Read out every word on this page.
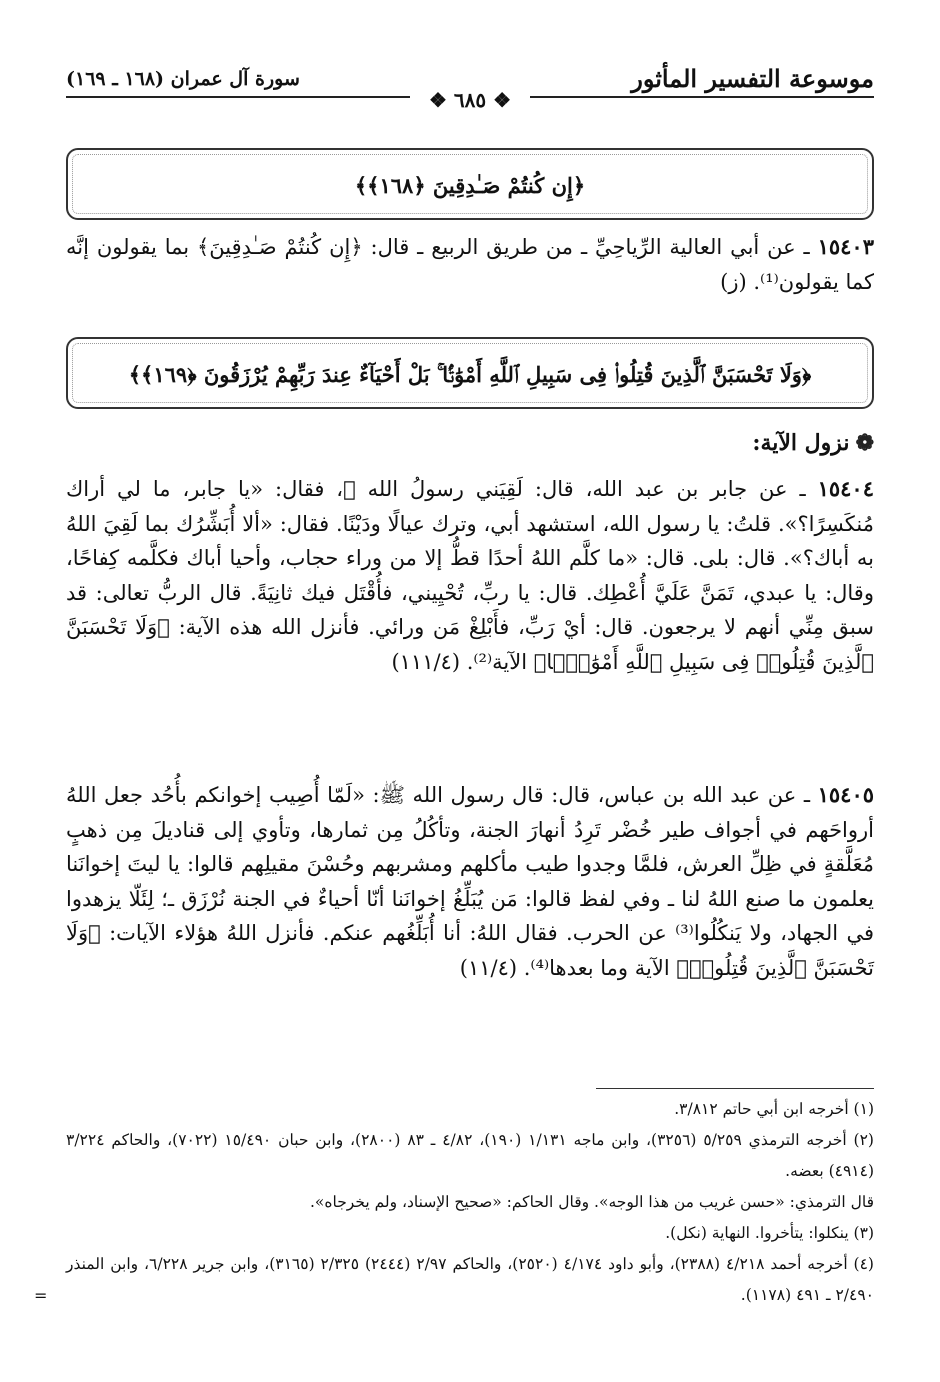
موسوعة التفسير المأثور
سورة آل عمران (١٦٨ ـ ١٦٩)
❖ ٦٨٥ ❖
﴿إِن كُنتُمْ صَـٰدِقِينَ ﴿١٦٨﴾﴾

١٥٤٠٣ ـ عن أبي العالية الرِّياحِيِّ ـ من طريق الربيع ـ قال: ﴿إِن كُنتُمْ صَـٰدِقِينَ﴾ بما يقولون إنَّه كما يقولون⁽¹⁾. (ز)

﴿وَلَا تَحْسَبَنَّ ٱلَّذِينَ قُتِلُوا۟ فِى سَبِيلِ ٱللَّهِ أَمْوَٰتًۢا ۚ بَلْ أَحْيَآءٌ عِندَ رَبِّهِمْ يُرْزَقُونَ ﴿١٦٩﴾﴾
❁نزول الآية:

١٥٤٠٤ ـ عن جابر بن عبد الله، قال: لَقِيَني رسولُ الله ﷺ، فقال: «يا جابر، ما لي أراك مُنكَسِرًا؟». قلتُ: يا رسول الله، استشهد أبي، وترك عيالًا ودَيْنًا. فقال: «ألا أُبَشِّرُك بما لَقِيَ اللهُ به أباك؟». قال: بلى. قال: «ما كلَّم اللهُ أحدًا قطُّ إلا من وراء حجاب، وأحيا أباك فكلَّمه كِفاحًا، وقال: يا عبدي، تَمَنَّ عَلَيَّ أُعْطِك. قال: يا ربِّ، تُحْيِيني، فأُقْتَل فيك ثانِيَةً. قال الربُّ تعالى: قد سبق مِنِّي أنهم لا يرجعون. قال: أيْ رَبِّ، فأَبْلِغْ مَن ورائي. فأنزل الله هذه الآية: ﴿وَلَا تَحْسَبَنَّ ٱلَّذِينَ قُتِلُوا۟ فِى سَبِيلِ ٱللَّهِ أَمْوَٰتًۢا﴾ الآية⁽²⁾. (١١١/٤)

١٥٤٠٥ ـ عن عبد الله بن عباس، قال: قال رسول الله ﷺ: «لَمّا أُصِيب إخوانكم بأُحُد جعل اللهُ أرواحَهم في أجواف طير خُضْر تَرِدُ أنهارَ الجنة، وتأكُلُ مِن ثمارها، وتأوي إلى قناديلَ مِن ذهبٍ مُعَلَّقةٍ في ظِلِّ العرش، فلمَّا وجدوا طيب مأكلهم ومشربهم وحُسْنَ مقيلِهم قالوا: يا ليتَ إخوانَنا يعلمون ما صنع اللهُ لنا ـ وفي لفظ قالوا: مَن يُبَلِّغُ إخوانَنا أنّا أحياءٌ في الجنة نُرْزَق ـ؛ لِئَلّا يزهدوا في الجهاد، ولا يَنكُلُوا⁽³⁾ عن الحرب. فقال اللهُ: أنا أُبَلِّغُهم عنكم. فأنزل اللهُ هؤلاء الآيات: ﴿وَلَا تَحْسَبَنَّ ٱلَّذِينَ قُتِلُوا۟﴾ الآية وما بعدها⁽⁴⁾. (١١/٤)

(١) أخرجه ابن أبي حاتم ٣/٨١٢.

(٢) أخرجه الترمذي ٥/٢٥٩ (٣٢٥٦)، وابن ماجه ١/١٣١ (١٩٠)، ٤/٨٢ ـ ٨٣ (٢٨٠٠)، وابن حبان ١٥/٤٩٠ (٧٠٢٢)، والحاكم ٣/٢٢٤ (٤٩١٤) بعضه.

قال الترمذي: «حسن غريب من هذا الوجه». وقال الحاكم: «صحيح الإسناد، ولم يخرجاه».

(٣) ينكلوا: يتأخروا. النهاية (نكل).

(٤) أخرجه أحمد ٤/٢١٨ (٢٣٨٨)، وأبو داود ٤/١٧٤ (٢٥٢٠)، والحاكم ٢/٩٧ (٢٤٤٤) ٢/٣٢٥ (٣١٦٥)، وابن جرير ٦/٢٢٨، وابن المنذر ٢/٤٩٠ ـ ٤٩١ (١١٧٨).

=
